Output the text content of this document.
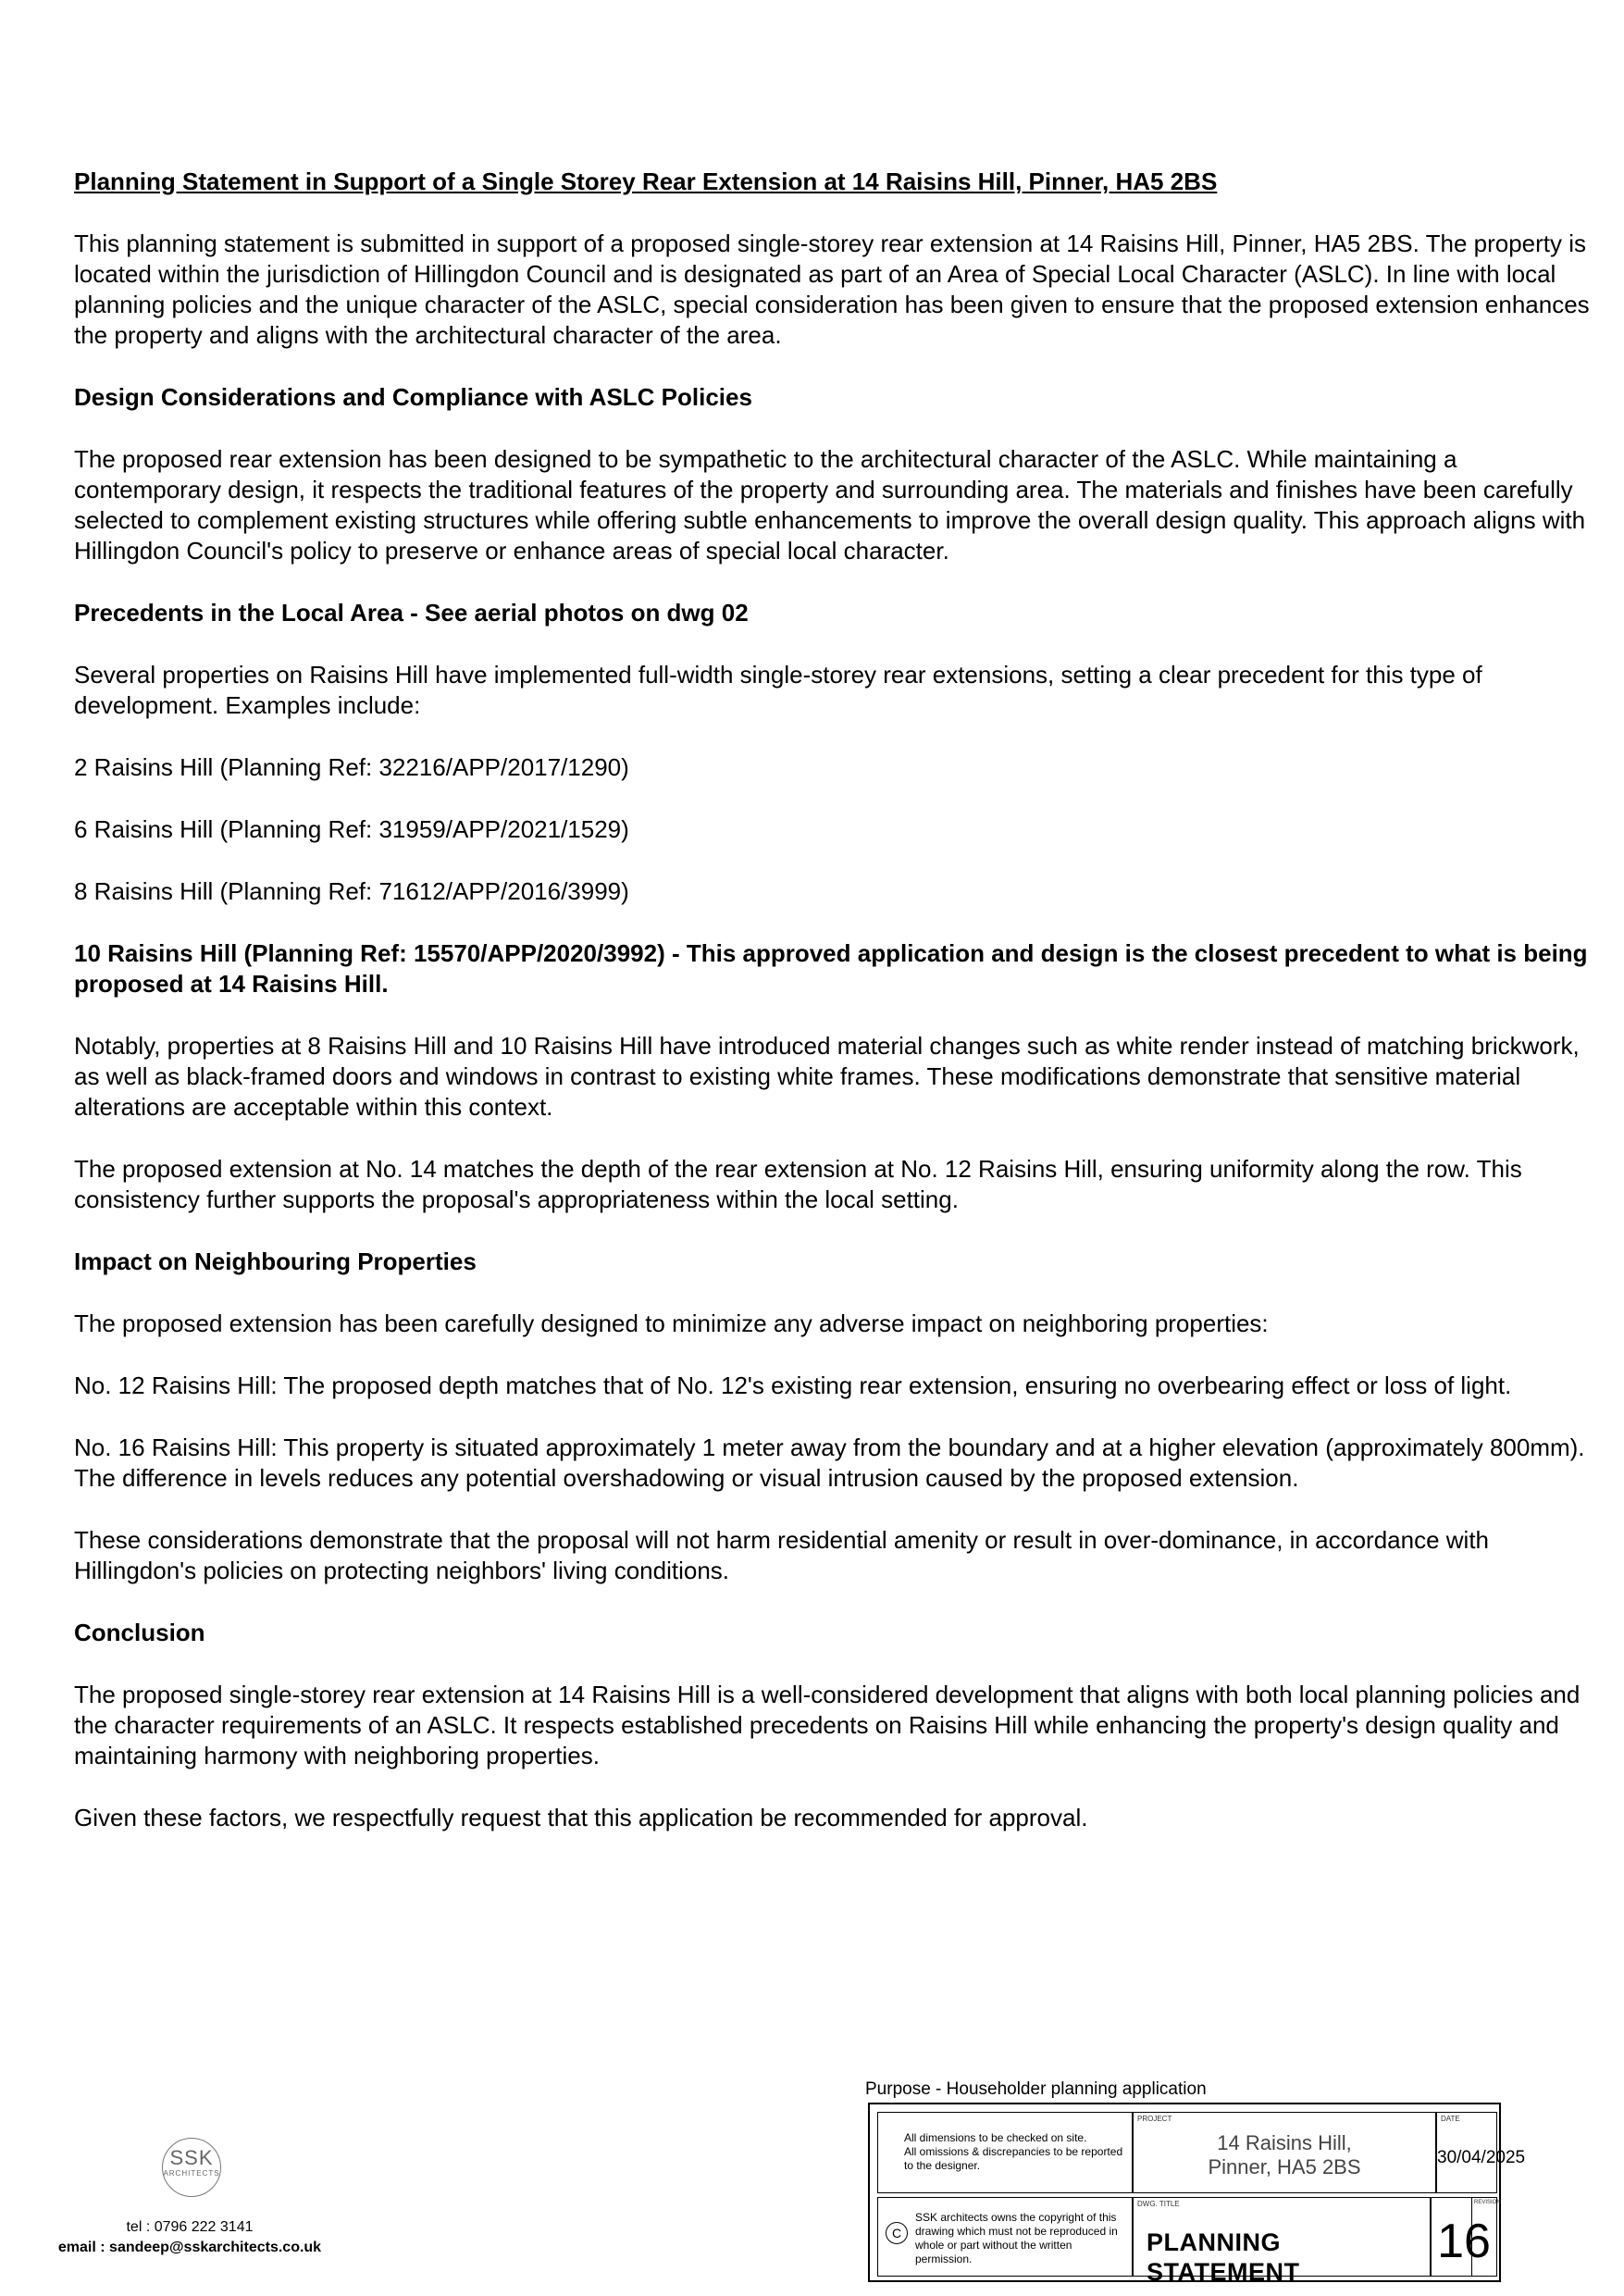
Planning Statement in Support of a Single Storey Rear Extension at 14 Raisins Hill, Pinner, HA5 2BS

This planning statement is submitted in support of a proposed single-storey rear extension at 14 Raisins Hill, Pinner, HA5 2BS. The property is located within the jurisdiction of Hillingdon Council and is designated as part of an Area of Special Local Character (ASLC). In line with local planning policies and the unique character of the ASLC, special consideration has been given to ensure that the proposed extension enhances the property and aligns with the architectural character of the area.

Design Considerations and Compliance with ASLC Policies

The proposed rear extension has been designed to be sympathetic to the architectural character of the ASLC. While maintaining a contemporary design, it respects the traditional features of the property and surrounding area. The materials and finishes have been carefully selected to complement existing structures while offering subtle enhancements to improve the overall design quality. This approach aligns with Hillingdon Council's policy to preserve or enhance areas of special local character.

Precedents in the Local Area - See aerial photos on dwg 02

Several properties on Raisins Hill have implemented full-width single-storey rear extensions, setting a clear precedent for this type of development. Examples include:

2 Raisins Hill (Planning Ref: 32216/APP/2017/1290)

6 Raisins Hill (Planning Ref: 31959/APP/2021/1529)

8 Raisins Hill (Planning Ref: 71612/APP/2016/3999)

10 Raisins Hill (Planning Ref: 15570/APP/2020/3992) - This approved application and design is the closest precedent to what is being proposed at 14 Raisins Hill.

Notably, properties at 8 Raisins Hill and 10 Raisins Hill have introduced material changes such as white render instead of matching brickwork, as well as black-framed doors and windows in contrast to existing white frames. These modifications demonstrate that sensitive material alterations are acceptable within this context.

The proposed extension at No. 14 matches the depth of the rear extension at No. 12 Raisins Hill, ensuring uniformity along the row. This consistency further supports the proposal's appropriateness within the local setting.

Impact on Neighbouring Properties

The proposed extension has been carefully designed to minimize any adverse impact on neighboring properties:

No. 12 Raisins Hill: The proposed depth matches that of No. 12's existing rear extension, ensuring no overbearing effect or loss of light.

No. 16 Raisins Hill: This property is situated approximately 1 meter away from the boundary and at a higher elevation (approximately 800mm). The difference in levels reduces any potential overshadowing or visual intrusion caused by the proposed extension.

These considerations demonstrate that the proposal will not harm residential amenity or result in over-dominance, in accordance with Hillingdon's policies on protecting neighbors' living conditions.

Conclusion

The proposed single-storey rear extension at 14 Raisins Hill is a well-considered development that aligns with both local planning policies and the character requirements of an ASLC. It respects established precedents on Raisins Hill while enhancing the property's design quality and maintaining harmony with neighboring properties.

Given these factors, we respectfully request that this application be recommended for approval.

SSK
ARCHITECTS
tel : 0796 222 3141
email : sandeep@sskarchitects.co.uk
Purpose - Householder planning application
All dimensions to be checked on site.
All omissions & discrepancies to be reported
to the designer.
PROJECT
14 Raisins Hill,
Pinner, HA5 2BS
DATE
30/04/2025
C
SSK architects owns the copyright of this
drawing which must not be reproduced in
whole or part without the written permission.
DWG. TITLE
PLANNING STATEMENT
16
REVISION
